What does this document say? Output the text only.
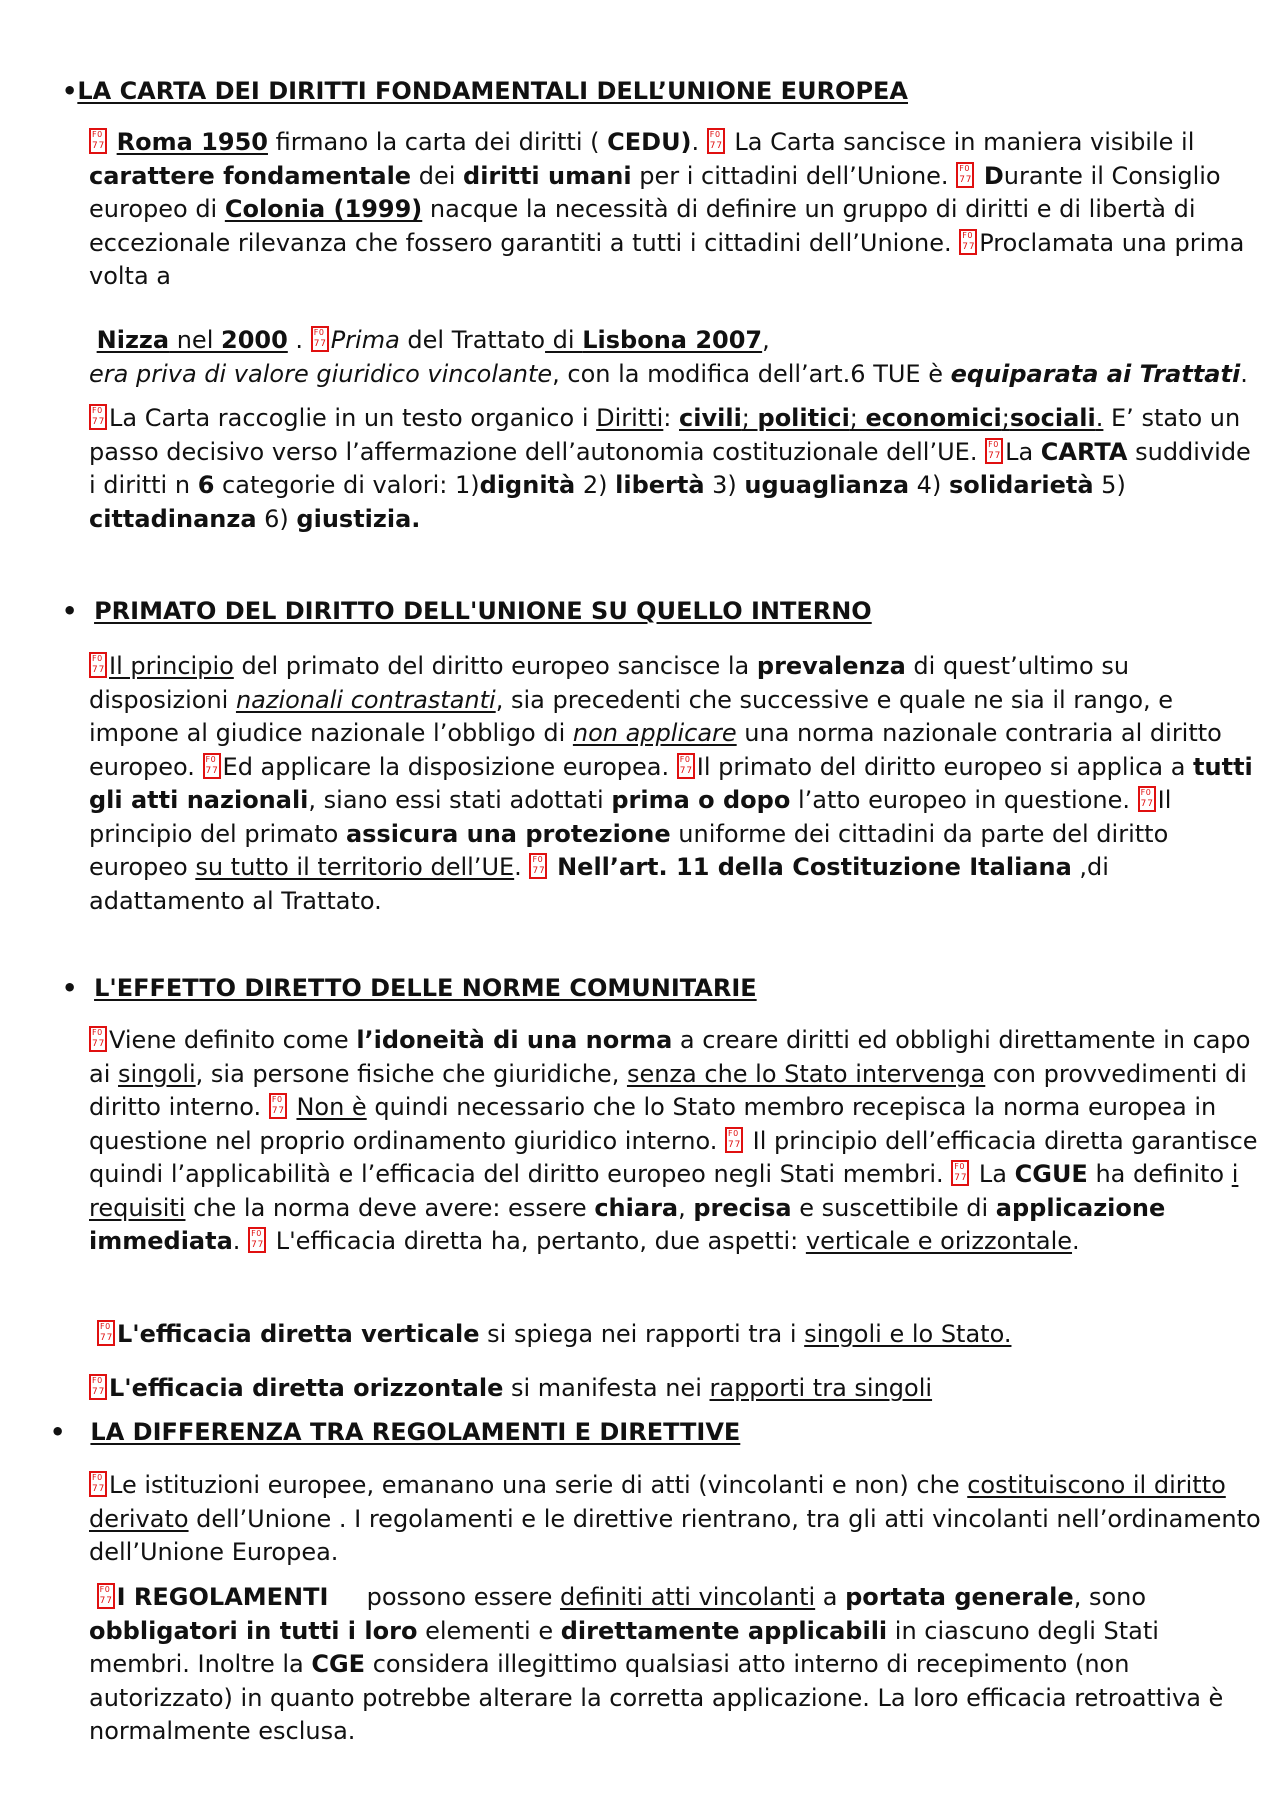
•LA CARTA DEI DIRITTI FONDAMENTALI DELL’UNIONE EUROPEA
F 0 7 7 Roma 1950 firmano la carta dei diritti ( CEDU). F 0 7 7 La Carta sancisce in maniera visibile il carattere fondamentale dei diritti umani per i cittadini dell’Unione. F 0 7 7 Durante il Consiglio europeo di Colonia (1999) nacque la necessità di definire un gruppo di diritti e di libertà di eccezionale rilevanza che fossero garantiti a tutti i cittadini dell’Unione. F 0 7 7Proclamata una prima volta a
Nizza nel 2000 . F 0 7 7Prima del Trattato di Lisbona 2007,
era priva di valore giuridico vincolante, con la modifica dell’art.6 TUE è equiparata ai Trattati.
F 0 7 7La Carta raccoglie in un testo organico i Diritti: civili; politici; economici;sociali. E’ stato un passo decisivo verso l’affermazione dell’autonomia costituzionale dell’UE. F 0 7 7La CARTA suddivide i diritti n 6 categorie di valori: 1)dignità 2) libertà 3) uguaglianza 4) solidarietà 5) cittadinanza 6) giustizia.
• PRIMATO DEL DIRITTO DELL'UNIONE SU QUELLO INTERNO
F 0 7 7Il principio del primato del diritto europeo sancisce la prevalenza di quest’ultimo su disposizioni nazionali contrastanti, sia precedenti che successive e quale ne sia il rango, e impone al giudice nazionale l’obbligo di non applicare una norma nazionale contraria al diritto europeo. F 0 7 7Ed applicare la disposizione europea. F 0 7 7Il primato del diritto europeo si applica a tutti gli atti nazionali, siano essi stati adottati prima o dopo l’atto europeo in questione. F 0 7 7Il principio del primato assicura una protezione uniforme dei cittadini da parte del diritto europeo su tutto il territorio dell’UE. F 0 7 7 Nell’art. 11 della Costituzione Italiana ,di adattamento al Trattato.
• L'EFFETTO DIRETTO DELLE NORME COMUNITARIE
F 0 7 7Viene definito come l’idoneità di una norma a creare diritti ed obblighi direttamente in capo ai singoli, sia persone fisiche che giuridiche, senza che lo Stato intervenga con provvedimenti di diritto interno. F 0 7 7 Non è quindi necessario che lo Stato membro recepisca la norma europea in questione nel proprio ordinamento giuridico interno. F 0 7 7 Il principio dell’efficacia diretta garantisce quindi l’applicabilità e l’efficacia del diritto europeo negli Stati membri. F 0 7 7 La CGUE ha definito i requisiti che la norma deve avere: essere chiara, precisa e suscettibile di applicazione immediata. F 0 7 7 L'efficacia diretta ha, pertanto, due aspetti: verticale e orizzontale.
F 0 7 7L'efficacia diretta verticale si spiega nei rapporti tra i singoli e lo Stato.
F 0 7 7L'efficacia diretta orizzontale si manifesta nei rapporti tra singoli
• LA DIFFERENZA TRA REGOLAMENTI E DIRETTIVE
F 0 7 7Le istituzioni europee, emanano una serie di atti (vincolanti e non) che costituiscono il diritto derivato dell’Unione . I regolamenti e le direttive rientrano, tra gli atti vincolanti nell’ordinamento dell’Unione Europea.
F 0 7 7I REGOLAMENTI     possono essere definiti atti vincolanti a portata generale, sono obbligatori in tutti i loro elementi e direttamente applicabili in ciascuno degli Stati membri. Inoltre la CGE considera illegittimo qualsiasi atto interno di recepimento (non autorizzato) in quanto potrebbe alterare la corretta applicazione. La loro efficacia retroattiva è normalmente esclusa.
